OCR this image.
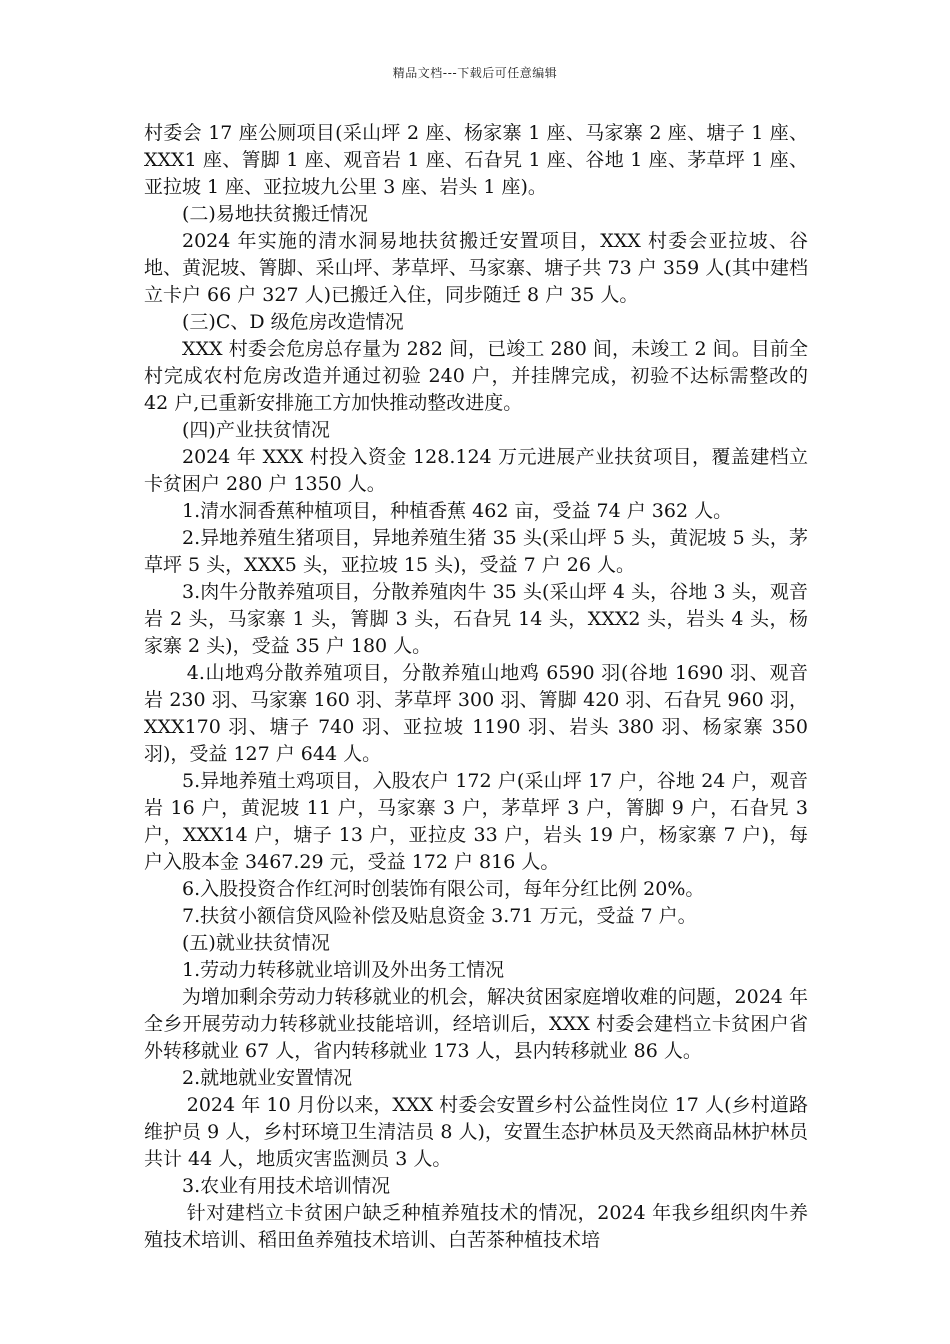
精品文档---下载后可任意编辑

村委会 17 座公厕项目(采山坪 2 座、杨家寨 1 座、马家寨 2 座、塘子 1 座、XXX1 座、箐脚 1 座、观音岩 1 座、石旮旯 1 座、谷地 1 座、茅草坪 1 座、亚拉坡 1 座、亚拉坡九公里 3 座、岩头 1 座)。

(二)易地扶贫搬迁情况

2024 年实施的清水洞易地扶贫搬迁安置项目，XXX 村委会亚拉坡、谷地、黄泥坡、箐脚、采山坪、茅草坪、马家寨、塘子共 73 户 359 人(其中建档立卡户 66 户 327 人)已搬迁入住，同步随迁 8 户 35 人。

(三)C、D 级危房改造情况

XXX 村委会危房总存量为 282 间，已竣工 280 间，未竣工 2 间。目前全村完成农村危房改造并通过初验 240 户，并挂牌完成，初验不达标需整改的 42 户,已重新安排施工方加快推动整改进度。

(四)产业扶贫情况

2024 年 XXX 村投入资金 128.124 万元进展产业扶贫项目，覆盖建档立卡贫困户 280 户 1350 人。

1.清水洞香蕉种植项目，种植香蕉 462 亩，受益 74 户 362 人。

2.异地养殖生猪项目，异地养殖生猪 35 头(采山坪 5 头，黄泥坡 5 头，茅草坪 5 头，XXX5 头，亚拉坡 15 头)，受益 7 户 26 人。

3.肉牛分散养殖项目，分散养殖肉牛 35 头(采山坪 4 头，谷地 3 头，观音岩 2 头，马家寨 1 头，箐脚 3 头，石旮旯 14 头，XXX2 头，岩头 4 头，杨家寨 2 头)，受益 35 户 180 人。

4.山地鸡分散养殖项目，分散养殖山地鸡 6590 羽(谷地 1690 羽、观音岩 230 羽、马家寨 160 羽、茅草坪 300 羽、箐脚 420 羽、石旮旯 960 羽，XXX170 羽、塘子 740 羽、亚拉坡 1190 羽、岩头 380 羽、杨家寨 350 羽)，受益 127 户 644 人。

5.异地养殖土鸡项目，入股农户 172 户(采山坪 17 户，谷地 24 户，观音岩 16 户，黄泥坡 11 户，马家寨 3 户，茅草坪 3 户，箐脚 9 户，石旮旯 3 户，XXX14 户，塘子 13 户，亚拉皮 33 户，岩头 19 户，杨家寨 7 户)，每户入股本金 3467.29 元，受益 172 户 816 人。

6.入股投资合作红河时创装饰有限公司，每年分红比例 20%。

7.扶贫小额信贷风险补偿及贴息资金 3.71 万元，受益 7 户。

(五)就业扶贫情况

1.劳动力转移就业培训及外出务工情况

为增加剩余劳动力转移就业的机会，解决贫困家庭增收难的问题，2024 年全乡开展劳动力转移就业技能培训，经培训后，XXX 村委会建档立卡贫困户省外转移就业 67 人，省内转移就业 173 人，县内转移就业 86 人。

2.就地就业安置情况

2024 年 10 月份以来，XXX 村委会安置乡村公益性岗位 17 人(乡村道路维护员 9 人，乡村环境卫生清洁员 8 人)，安置生态护林员及天然商品林护林员共计 44 人，地质灾害监测员 3 人。

3.农业有用技术培训情况

针对建档立卡贫困户缺乏种植养殖技术的情况，2024 年我乡组织肉牛养殖技术培训、稻田鱼养殖技术培训、白苦茶种植技术培
